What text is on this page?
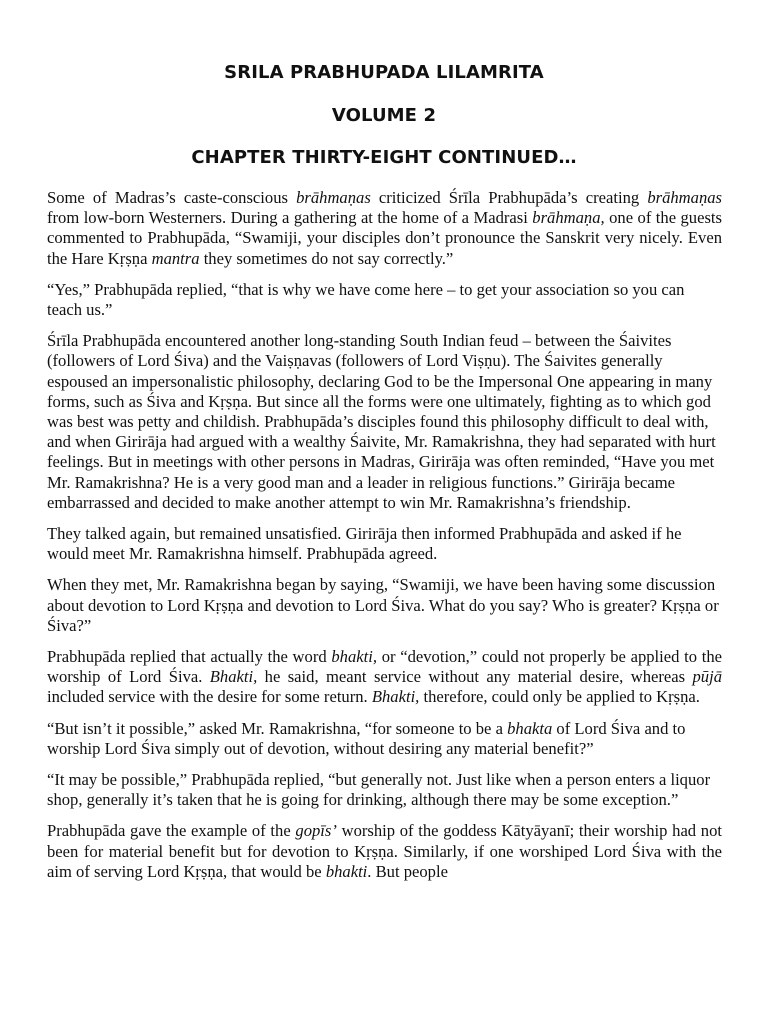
SRILA PRABHUPADA LILAMRITA
VOLUME 2
CHAPTER THIRTY-EIGHT CONTINUED…

Some of Madras’s caste-conscious brāhmaṇas criticized Śrīla Prabhupāda’s creating brāhmaṇas from low-born Westerners. During a gathering at the home of a Madrasi brāhmaṇa, one of the guests commented to Prabhupāda, “Swamiji, your disciples don’t pronounce the Sanskrit very nicely. Even the Hare Kṛṣṇa mantra they sometimes do not say correctly.”

“Yes,” Prabhupāda replied, “that is why we have come here – to get your association so you can teach us.”

Śrīla Prabhupāda encountered another long-standing South Indian feud – between the Śaivites (followers of Lord Śiva) and the Vaiṣṇavas (followers of Lord Viṣṇu). The Śaivites generally espoused an impersonalistic philosophy, declaring God to be the Impersonal One appearing in many forms, such as Śiva and Kṛṣṇa. But since all the forms were one ultimately, fighting as to which god was best was petty and childish. Prabhupāda’s disciples found this philosophy difficult to deal with, and when Girirāja had argued with a wealthy Śaivite, Mr. Ramakrishna, they had separated with hurt feelings. But in meetings with other persons in Madras, Girirāja was often reminded, “Have you met Mr. Ramakrishna? He is a very good man and a leader in religious functions.” Girirāja became embarrassed and decided to make another attempt to win Mr. Ramakrishna’s friendship.

They talked again, but remained unsatisfied. Girirāja then informed Prabhupāda and asked if he would meet Mr. Ramakrishna himself. Prabhupāda agreed.

When they met, Mr. Ramakrishna began by saying, “Swamiji, we have been having some discussion about devotion to Lord Kṛṣṇa and devotion to Lord Śiva. What do you say? Who is greater? Kṛṣṇa or Śiva?”

Prabhupāda replied that actually the word bhakti, or “devotion,” could not properly be applied to the worship of Lord Śiva. Bhakti, he said, meant service without any material desire, whereas pūjā included service with the desire for some return. Bhakti, therefore, could only be applied to Kṛṣṇa.

“But isn’t it possible,” asked Mr. Ramakrishna, “for someone to be a bhakta of Lord Śiva and to worship Lord Śiva simply out of devotion, without desiring any material benefit?”

“It may be possible,” Prabhupāda replied, “but generally not. Just like when a person enters a liquor shop, generally it’s taken that he is going for drinking, although there may be some exception.”

Prabhupāda gave the example of the gopīs’ worship of the goddess Kātyāyanī; their worship had not been for material benefit but for devotion to Kṛṣṇa. Similarly, if one worshiped Lord Śiva with the aim of serving Lord Kṛṣṇa, that would be bhakti. But people
